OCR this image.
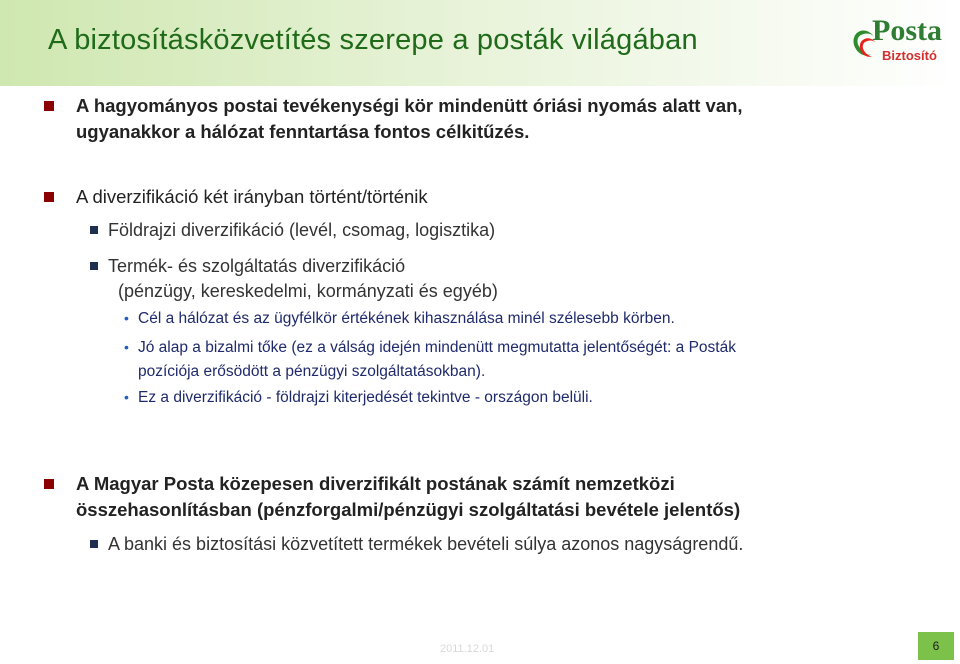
A biztosításközvetítés szerepe a posták világában	Posta
Biztosító
A hagyományos postai tevékenységi kör mindenütt óriási nyomás alatt van,
ugyanakkor a hálózat fenntartása fontos célkitűzés.
A diverzifikáció két irányban történt/történik
Földrajzi diverzifikáció (levél, csomag, logisztika)
Termék- és szolgáltatás diverzifikáció
(pénzügy, kereskedelmi, kormányzati és egyéb)
• Cél a hálózat és az ügyfélkör értékének kihasználása minél szélesebb körben.
• Jó alap a bizalmi tőke (ez a válság idején mindenütt megmutatta jelentőségét: a Posták
pozíciója erősödött a pénzügyi szolgáltatásokban).
• Ez a diverzifikáció - földrajzi kiterjedését tekintve - országon belüli.
A Magyar Posta közepesen diverzifikált postának számít nemzetközi
összehasonlításban (pénzforgalmi/pénzügyi szolgáltatási bevétele jelentős)
A banki és biztosítási közvetített termékek bevételi súlya azonos nagyságrendű.
2011.12.01	6
